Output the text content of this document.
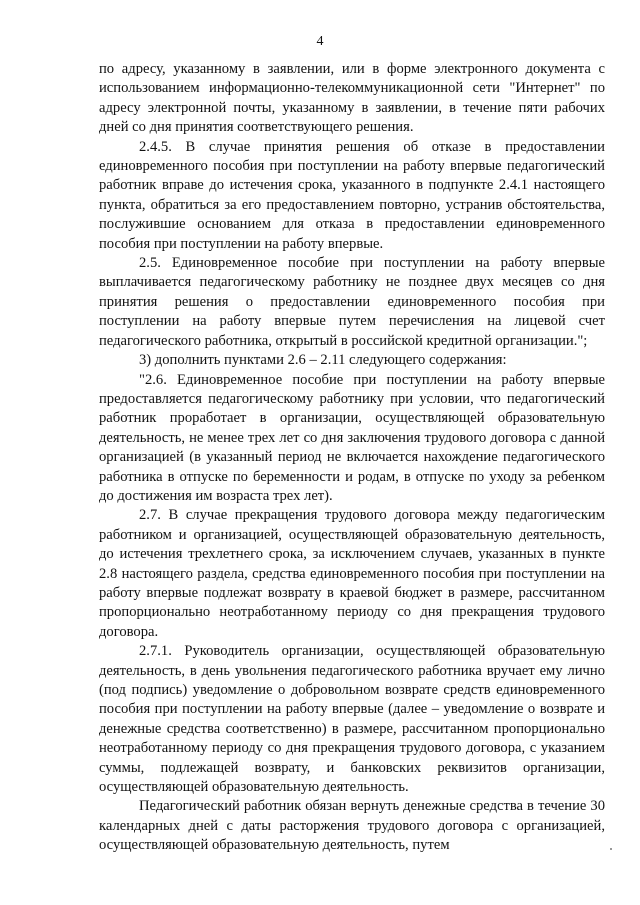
4

по адресу, указанному в заявлении, или в форме электронного документа с использованием информационно-телекоммуникационной сети "Интернет" по адресу электронной почты, указанному в заявлении, в течение пяти рабочих дней со дня принятия соответствующего решения.

2.4.5. В случае принятия решения об отказе в предоставлении единовременного пособия при поступлении на работу впервые педагогический работник вправе до истечения срока, указанного в подпункте 2.4.1 настоящего пункта, обратиться за его предоставлением повторно, устранив обстоятельства, послужившие основанием для отказа в предоставлении единовременного пособия при поступлении на работу впервые.

2.5. Единовременное пособие при поступлении на работу впервые выплачивается педагогическому работнику не позднее двух месяцев со дня принятия решения о предоставлении единовременного пособия при поступлении на работу впервые путем перечисления на лицевой счет педагогического работника, открытый в российской кредитной организации.";

3) дополнить пунктами 2.6 – 2.11 следующего содержания:

"2.6. Единовременное пособие при поступлении на работу впервые предоставляется педагогическому работнику при условии, что педагогический работник проработает в организации, осуществляющей образовательную деятельность, не менее трех лет со дня заключения трудового договора с данной организацией (в указанный период не включается нахождение педагогического работника в отпуске по беременности и родам, в отпуске по уходу за ребенком до достижения им возраста трех лет).

2.7. В случае прекращения трудового договора между педагогическим работником и организацией, осуществляющей образовательную деятельность, до истечения трехлетнего срока, за исключением случаев, указанных в пункте 2.8 настоящего раздела, средства единовременного пособия при поступлении на работу впервые подлежат возврату в краевой бюджет в размере, рассчитанном пропорционально неотработанному периоду со дня прекращения трудового договора.

2.7.1. Руководитель организации, осуществляющей образовательную деятельность, в день увольнения педагогического работника вручает ему лично (под подпись) уведомление о добровольном возврате средств единовременного пособия при поступлении на работу впервые (далее – уведомление о возврате и денежные средства соответственно) в размере, рассчитанном пропорционально неотработанному периоду со дня прекращения трудового договора, с указанием суммы, подлежащей возврату, и банковских реквизитов организации, осуществляющей образовательную деятельность.

Педагогический работник обязан вернуть денежные средства в течение 30 календарных дней с даты расторжения трудового договора с организацией, осуществляющей образовательную деятельность, путем
